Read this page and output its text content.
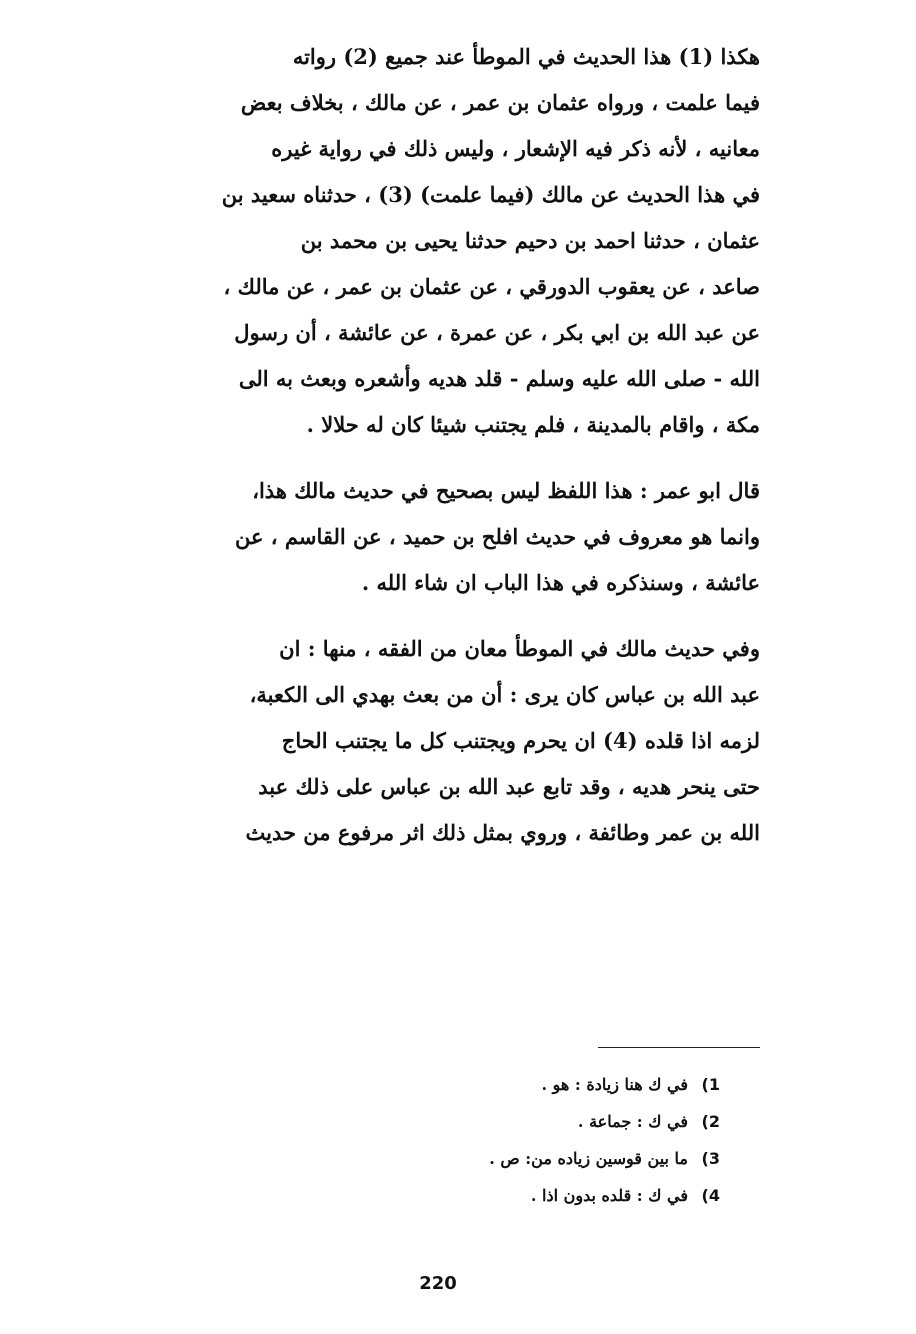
هكذا (1) هذا الحديث في الموطأ عند جميع (2) رواته
فيما علمت ، ورواه عثمان بن عمر ، عن مالك ، بخلاف بعض
معانيه ، لأنه ذكر فيه الإشعار ، وليس ذلك في رواية غيره
في هذا الحديث عن مالك (فيما علمت) (3) ، حدثناه سعيد بن
عثمان ، حدثنا احمد بن دحيم حدثنا يحيى بن محمد بن
صاعد ، عن يعقوب الدورقي ، عن عثمان بن عمر ، عن مالك ،
عن عبد الله بن ابي بكر ، عن عمرة ، عن عائشة ، أن رسول
الله - صلى الله عليه وسلم - قلد هديه وأشعره وبعث به الى
مكة ، واقام بالمدينة ، فلم يجتنب شيئا كان له حلالا .
قال ابو عمر : هذا اللفظ ليس بصحيح في حديث مالك هذا،
وانما هو معروف في حديث افلح بن حميد ، عن القاسم ، عن
عائشة ، وسنذكره في هذا الباب ان شاء الله .
وفي حديث مالك في الموطأ معان من الفقه ، منها : ان
عبد الله بن عباس كان يرى : أن من بعث بهدي الى الكعبة،
لزمه اذا قلده (4) ان يحرم ويجتنب كل ما يجتنب الحاج
حتى ينحر هديه ، وقد تابع عبد الله بن عباس على ذلك عبد
الله بن عمر وطائفة ، وروي بمثل ذلك اثر مرفوع من حديث
1)
في ك هنا زيادة : هو .
2)
في ك : جماعة .
3)
ما بين قوسين زياده من: ص .
4)
في ك : قلده بدون اذا .
220
